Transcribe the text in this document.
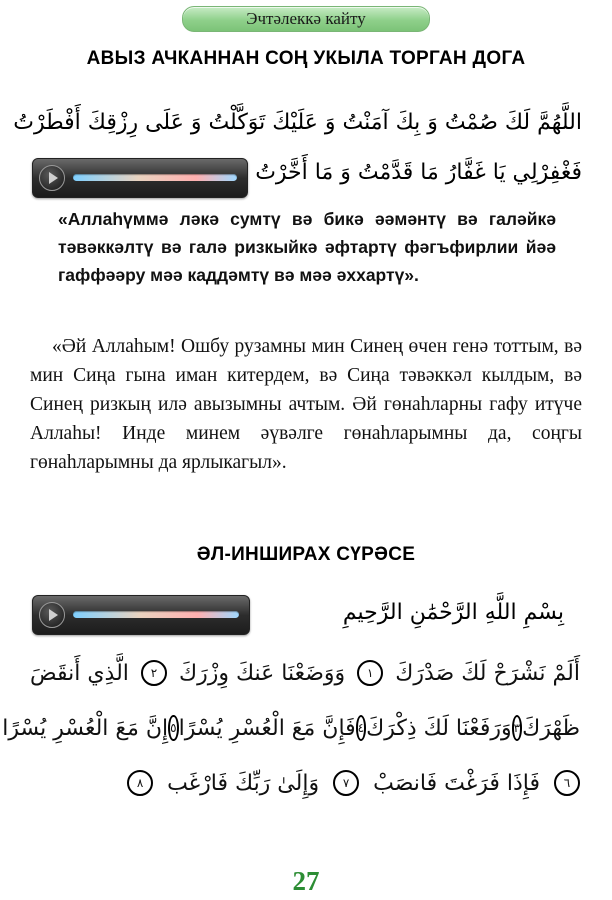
Эчтәлеккә кайту
АВЫЗ АЧКАННАН СОҢ УКЫЛА ТОРГАН ДОГА
اللَّهُمَّ لَكَ صُمْتُ وَ بِكَ آمَنْتُ وَ عَلَيْكَ تَوَكَّلْتُ وَ عَلَى رِزْقِكَ أَفْطَرْتُ
فَغْفِرْلِي يَا غَفَّارُ مَا قَدَّمْتُ وَ مَا أَخَّرْتُ

«Аллаһүммә ләкә сумтү вә бикә әәмәнтү вә галәйкә тәвәккәлтү вә галә ризкыйкә әфтартү фәгъфирлии йәә гаффәәру мәә каддәмтү вә мәә әххартү».

«Әй Аллаһым! Ошбу рузамны мин Синең өчен генә тоттым, вә мин Сиңа гына иман китердем, вә Сиңа тәвәккәл кылдым, вә Синең ризкың илә авызымны ачтым. Әй гөнаһларны гафу итүче Аллаһы! Инде минем әүвәлге гөнаһларымны да, соңгы гөнаһларымны да ярлыкагыл».

ӘЛ-ИНШИРАХ СҮРӘСЕ
بِسْمِ اللَّهِ الرَّحْمَٰنِ الرَّحِيمِ
أَلَمْ نَشْرَحْ لَكَ صَدْرَكَ
١
وَوَضَعْنَا عَنكَ وِزْرَكَ
٢
الَّذِي أَنقَضَ
ظَهْرَكَ
٣
وَرَفَعْنَا لَكَ ذِكْرَكَ
٤
فَإِنَّ مَعَ الْعُسْرِ يُسْرًا
٥
إِنَّ مَعَ الْعُسْرِ يُسْرًا
٦
فَإِذَا فَرَغْتَ فَانصَبْ
٧
وَإِلَىٰ رَبِّكَ فَارْغَب
٨
27
